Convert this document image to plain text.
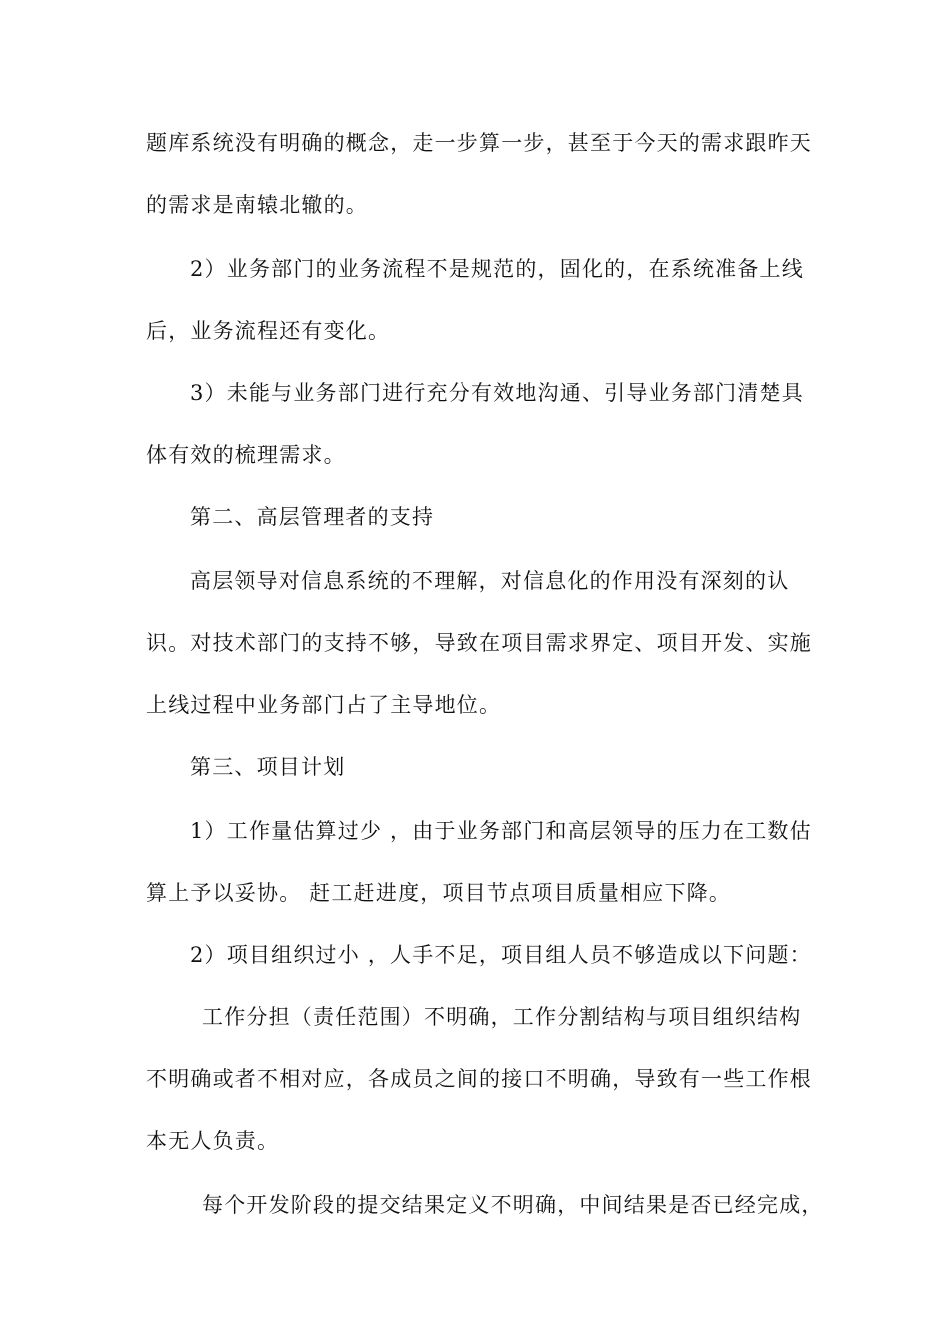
题库系统没有明确的概念，走一步算一步，甚至于今天的需求跟昨天
的需求是南辕北辙的。
2）业务部门的业务流程不是规范的，固化的，在系统准备上线
后，业务流程还有变化。
3）未能与业务部门进行充分有效地沟通、引导业务部门清楚具
体有效的梳理需求。
第二、高层管理者的支持
高层领导对信息系统的不理解，对信息化的作用没有深刻的认
识。对技术部门的支持不够，导致在项目需求界定、项目开发、实施
上线过程中业务部门占了主导地位。
第三、项目计划
1）工作量估算过少 ，由于业务部门和高层领导的压力在工数估
算上予以妥协。 赶工赶进度，项目节点项目质量相应下降。
2）项目组织过小 ，人手不足，项目组人员不够造成以下问题：
工作分担（责任范围）不明确，工作分割结构与项目组织结构
不明确或者不相对应，各成员之间的接口不明确，导致有一些工作根
本无人负责。
每个开发阶段的提交结果定义不明确，中间结果是否已经完成，
